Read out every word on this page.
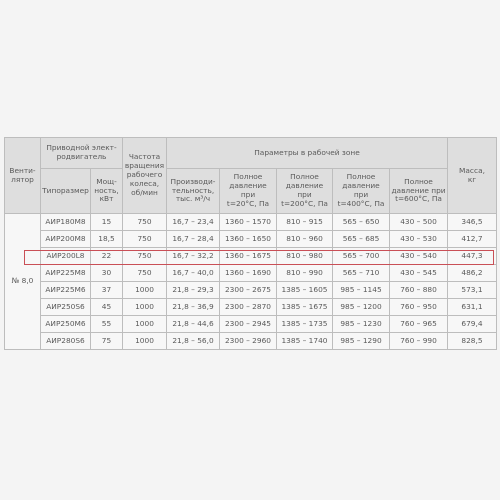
Венти-
лятор	Приводной элект-
родвигатель		Частота
вращения
рабочего
колеса,
об/мин	Параметры в рабочей зоне					Масса,
кг
	Типоразмер	Мощ-
ность,
кВт		Производи-
тельность,
тыс. м³/ч	Полное
давление при
t=20°С, Па	Полное
давление при
t=200°С, Па	Полное
давление при
t=400°С, Па	Полное
давление при
t=600°С, Па	
№ 8,0	АИР180М8	15	750	16,7 – 23,4	1360 – 1570	810 – 915	565 – 650	430 – 500	346,5
	АИР200М8	18,5	750	16,7 – 28,4	1360 – 1650	810 – 960	565 – 685	430 – 530	412,7
	АИР200L8	22	750	16,7 – 32,2	1360 – 1675	810 – 980	565 – 700	430 – 540	447,3
	АИР225М8	30	750	16,7 – 40,0	1360 – 1690	810 – 990	565 – 710	430 – 545	486,2
	АИР225М6	37	1000	21,8 – 29,3	2300 – 2675	1385 – 1605	985 – 1145	760 – 880	573,1
	АИР250S6	45	1000	21,8 – 36,9	2300 – 2870	1385 – 1675	985 – 1200	760 – 950	631,1
	АИР250М6	55	1000	21,8 – 44,6	2300 – 2945	1385 – 1735	985 – 1230	760 – 965	679,4
	АИР280S6	75	1000	21,8 – 56,0	2300 – 2960	1385 – 1740	985 – 1290	760 – 990	828,5
